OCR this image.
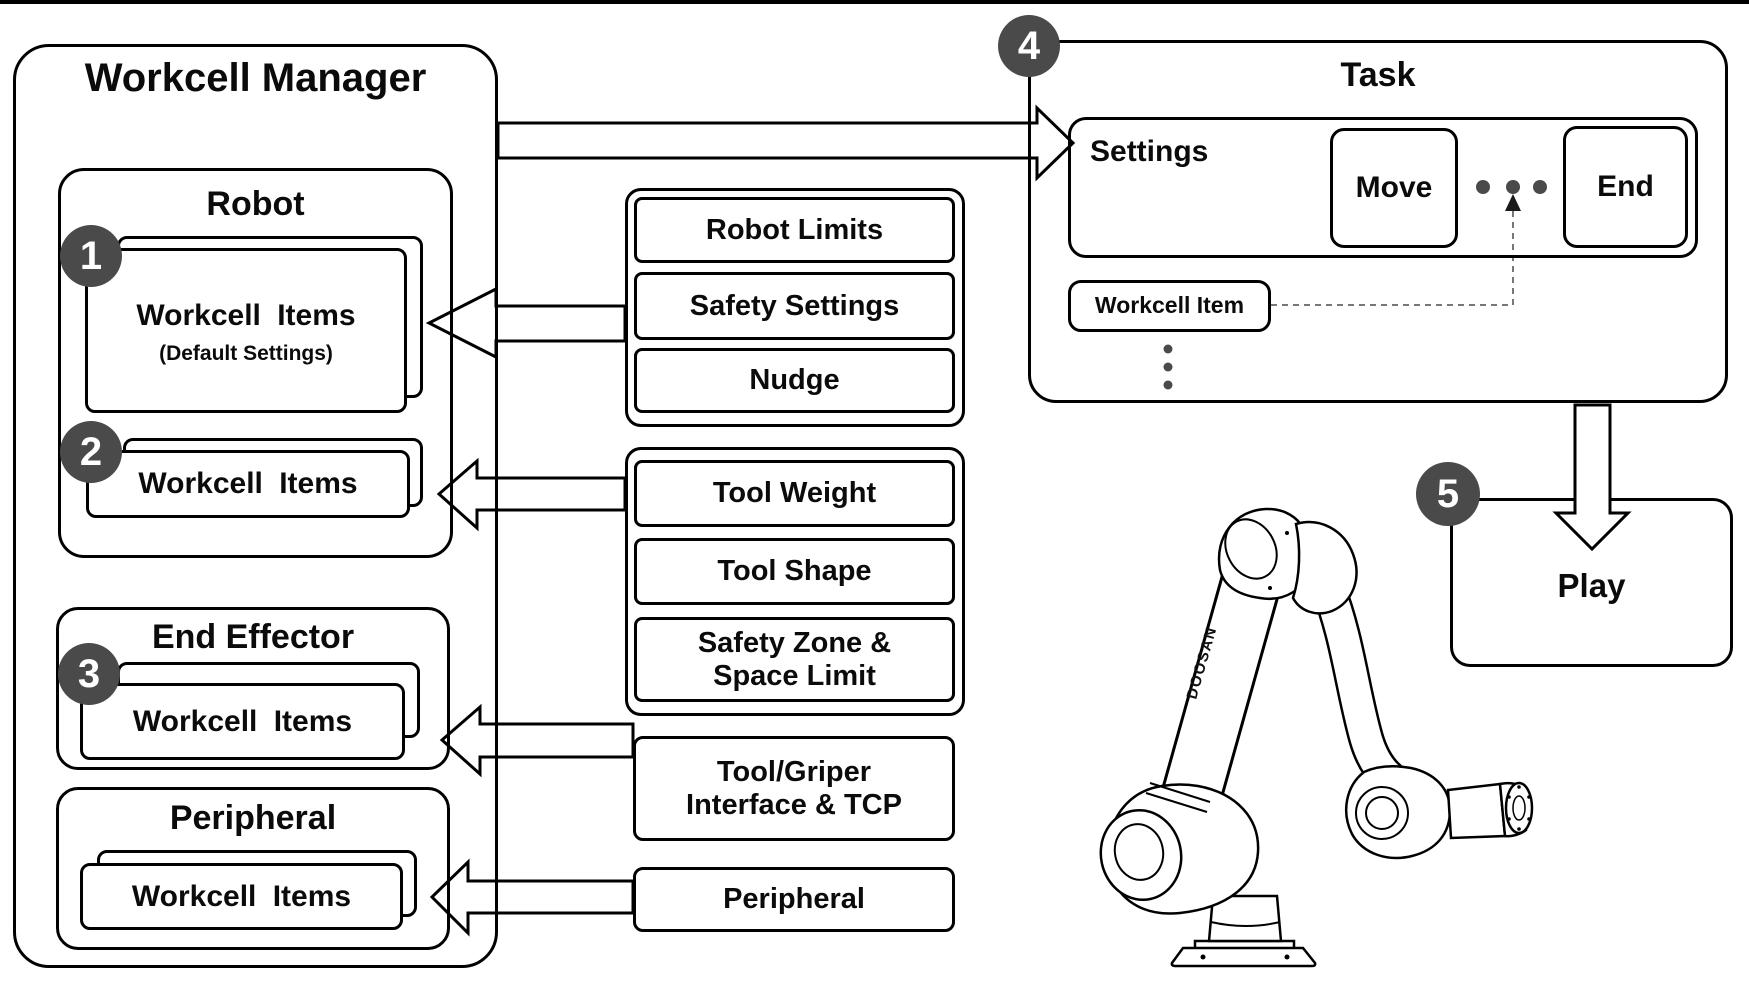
DOOSAN
Workcell Manager
Robot
Workcell Items
(Default Settings)
Workcell Items
End Effector
Workcell Items
Peripheral
Workcell Items
Robot Limits
Safety Settings
Nudge
Tool Weight
Tool Shape
Safety Zone & Space Limit
Tool/Griper Interface & TCP
Peripheral
Task
Settings
Move	End
Workcell Item
Play
1
2
3
4
5
